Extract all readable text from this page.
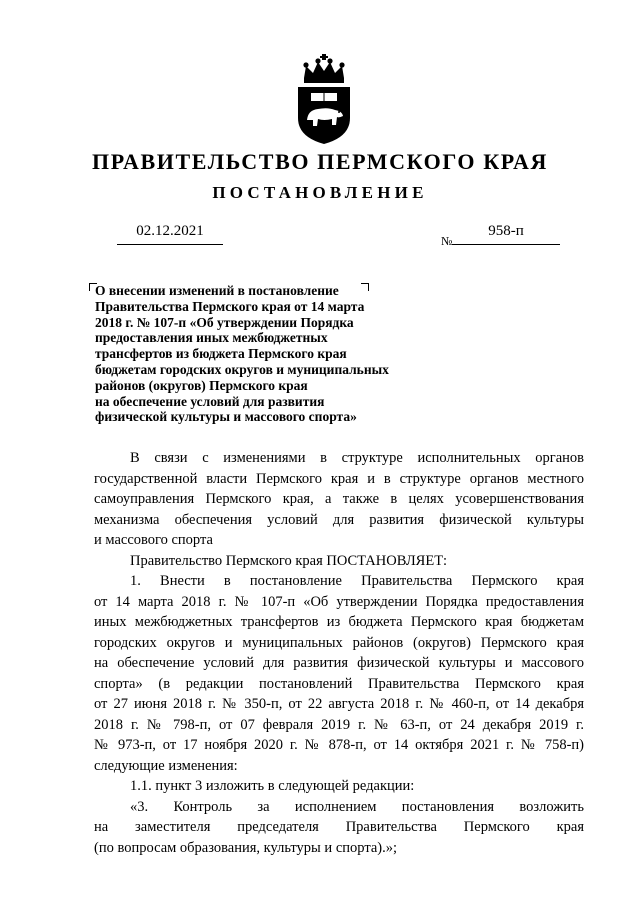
ПРАВИТЕЛЬСТВО ПЕРМСКОГО КРАЯ
ПОСТАНОВЛЕНИЕ
02.12.2021
№
958-п
О внесении изменений в постановление
Правительства Пермского края от 14 марта
2018 г. № 107-п «Об утверждении Порядка
предоставления иных межбюджетных
трансфертов из бюджета Пермского края
бюджетам городских округов и муниципальных
районов (округов) Пермского края
на обеспечение условий для развития
физической культуры и массового спорта»
В связи с изменениями в структуре исполнительных органов
государственной власти Пермского края и в структуре органов местного
самоуправления Пермского края, а также в целях усовершенствования
механизма обеспечения условий для развития физической культуры
и массового спорта
Правительство Пермского края ПОСТАНОВЛЯЕТ:
1. Внести в постановление Правительства Пермского края
от 14 марта 2018 г. № 107-п «Об утверждении Порядка предоставления
иных межбюджетных трансфертов из бюджета Пермского края бюджетам
городских округов и муниципальных районов (округов) Пермского края
на обеспечение условий для развития физической культуры и массового
спорта» (в редакции постановлений Правительства Пермского края
от 27 июня 2018 г. № 350-п, от 22 августа 2018 г. № 460-п, от 14 декабря
2018 г. № 798-п, от 07 февраля 2019 г. № 63-п, от 24 декабря 2019 г.
№ 973-п, от 17 ноября 2020 г. № 878-п, от 14 октября 2021 г. № 758-п)
следующие изменения:
1.1. пункт 3 изложить в следующей редакции:
«3. Контроль за исполнением постановления возложить
на заместителя председателя Правительства Пермского края
(по вопросам образования, культуры и спорта).»;
